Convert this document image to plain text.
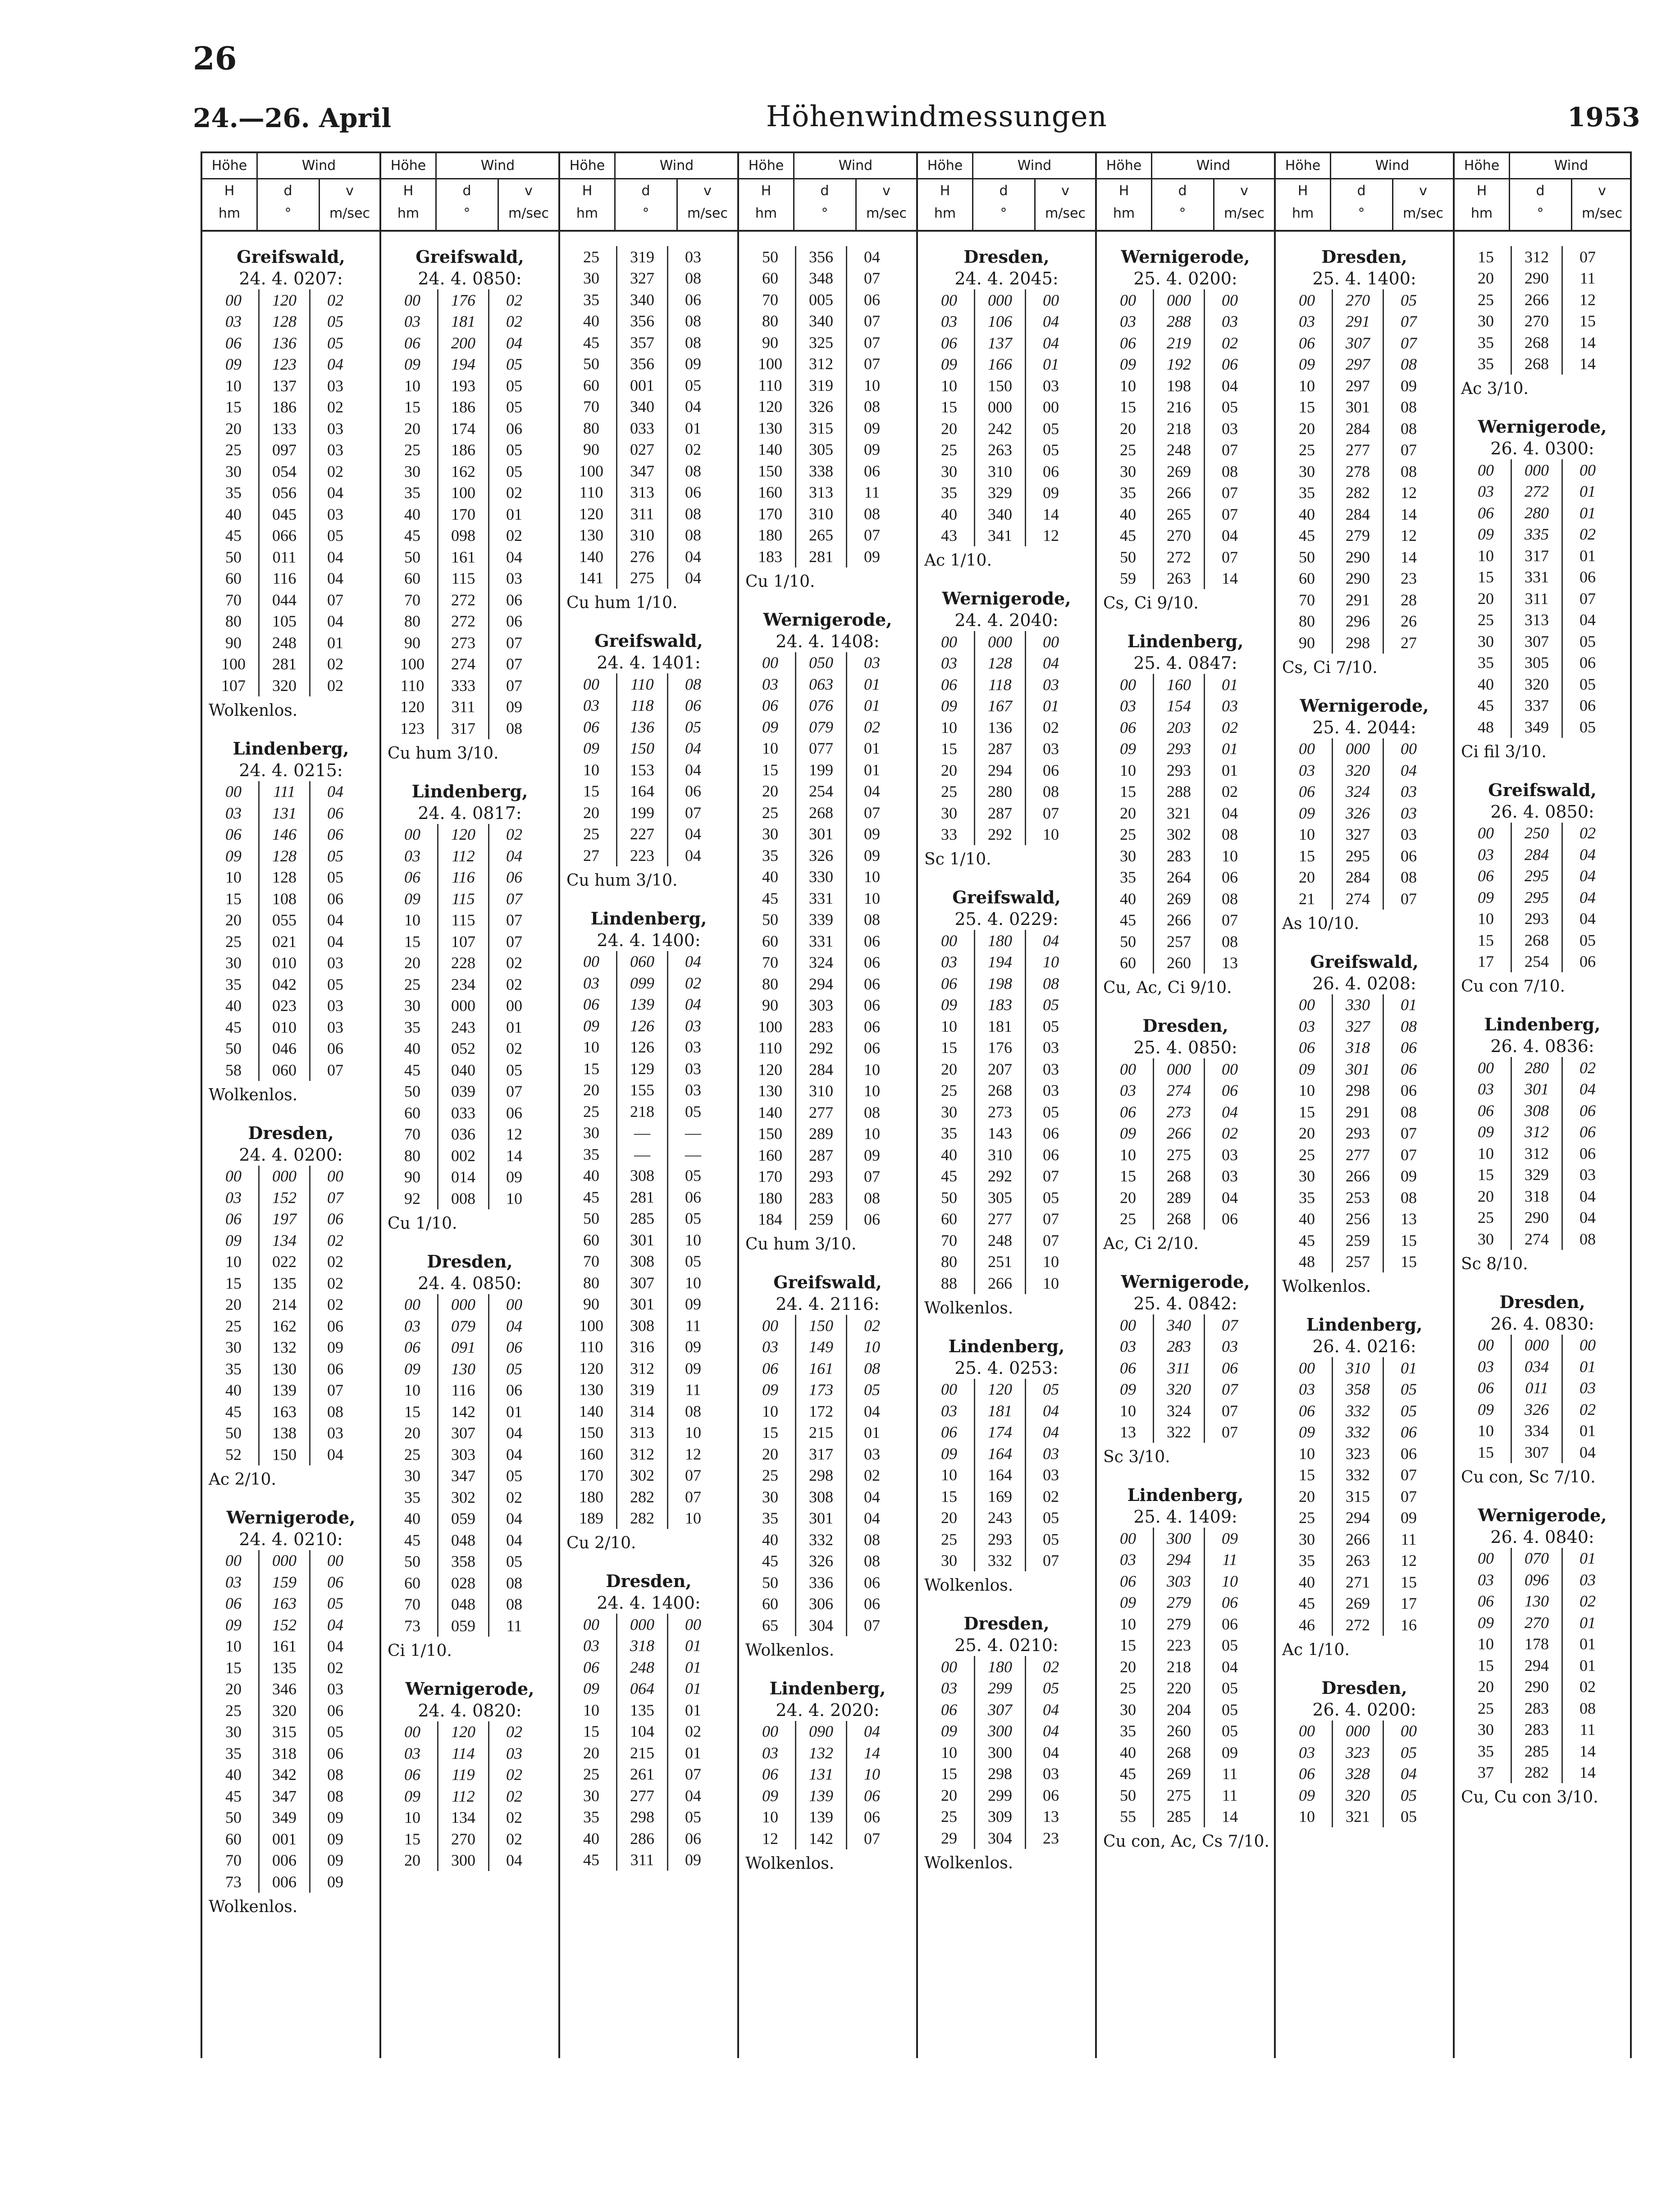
26
24.—26. April	Höhenwindmessungen	1953
Höhe	Wind
H
hm
d
°
v
m/sec
Greifswald,
24. 4. 0207:
00	120	02
03	128	05
06	136	05
09	123	04
10	137	03
15	186	02
20	133	03
25	097	03
30	054	02
35	056	04
40	045	03
45	066	05
50	011	04
60	116	04
70	044	07
80	105	04
90	248	01
100	281	02
107	320	02
Wolkenlos.
Lindenberg,
24. 4. 0215:
00	111	04
03	131	06
06	146	06
09	128	05
10	128	05
15	108	06
20	055	04
25	021	04
30	010	03
35	042	05
40	023	03
45	010	03
50	046	06
58	060	07
Wolkenlos.
Dresden,
24. 4. 0200:
00	000	00
03	152	07
06	197	06
09	134	02
10	022	02
15	135	02
20	214	02
25	162	06
30	132	09
35	130	06
40	139	07
45	163	08
50	138	03
52	150	04
Ac 2/10.
Wernigerode,
24. 4. 0210:
00	000	00
03	159	06
06	163	05
09	152	04
10	161	04
15	135	02
20	346	03
25	320	06
30	315	05
35	318	06
40	342	08
45	347	08
50	349	09
60	001	09
70	006	09
73	006	09
Wolkenlos.
Höhe	Wind
H
hm
d
°
v
m/sec
Greifswald,
24. 4. 0850:
00	176	02
03	181	02
06	200	04
09	194	05
10	193	05
15	186	05
20	174	06
25	186	05
30	162	05
35	100	02
40	170	01
45	098	02
50	161	04
60	115	03
70	272	06
80	272	06
90	273	07
100	274	07
110	333	07
120	311	09
123	317	08
Cu hum 3/10.
Lindenberg,
24. 4. 0817:
00	120	02
03	112	04
06	116	06
09	115	07
10	115	07
15	107	07
20	228	02
25	234	02
30	000	00
35	243	01
40	052	02
45	040	05
50	039	07
60	033	06
70	036	12
80	002	14
90	014	09
92	008	10
Cu 1/10.
Dresden,
24. 4. 0850:
00	000	00
03	079	04
06	091	06
09	130	05
10	116	06
15	142	01
20	307	04
25	303	04
30	347	05
35	302	02
40	059	04
45	048	04
50	358	05
60	028	08
70	048	08
73	059	11
Ci 1/10.
Wernigerode,
24. 4. 0820:
00	120	02
03	114	03
06	119	02
09	112	02
10	134	02
15	270	02
20	300	04
Höhe	Wind
H
hm
d
°
v
m/sec
25	319	03
30	327	08
35	340	06
40	356	08
45	357	08
50	356	09
60	001	05
70	340	04
80	033	01
90	027	02
100	347	08
110	313	06
120	311	08
130	310	08
140	276	04
141	275	04
Cu hum 1/10.
Greifswald,
24. 4. 1401:
00	110	08
03	118	06
06	136	05
09	150	04
10	153	04
15	164	06
20	199	07
25	227	04
27	223	04
Cu hum 3/10.
Lindenberg,
24. 4. 1400:
00	060	04
03	099	02
06	139	04
09	126	03
10	126	03
15	129	03
20	155	03
25	218	05
30	—	—
35	—	—
40	308	05
45	281	06
50	285	05
60	301	10
70	308	05
80	307	10
90	301	09
100	308	11
110	316	09
120	312	09
130	319	11
140	314	08
150	313	10
160	312	12
170	302	07
180	282	07
189	282	10
Cu 2/10.
Dresden,
24. 4. 1400:
00	000	00
03	318	01
06	248	01
09	064	01
10	135	01
15	104	02
20	215	01
25	261	07
30	277	04
35	298	05
40	286	06
45	311	09
Höhe	Wind
H
hm
d
°
v
m/sec
50	356	04
60	348	07
70	005	06
80	340	07
90	325	07
100	312	07
110	319	10
120	326	08
130	315	09
140	305	09
150	338	06
160	313	11
170	310	08
180	265	07
183	281	09
Cu 1/10.
Wernigerode,
24. 4. 1408:
00	050	03
03	063	01
06	076	01
09	079	02
10	077	01
15	199	01
20	254	04
25	268	07
30	301	09
35	326	09
40	330	10
45	331	10
50	339	08
60	331	06
70	324	06
80	294	06
90	303	06
100	283	06
110	292	06
120	284	10
130	310	10
140	277	08
150	289	10
160	287	09
170	293	07
180	283	08
184	259	06
Cu hum 3/10.
Greifswald,
24. 4. 2116:
00	150	02
03	149	10
06	161	08
09	173	05
10	172	04
15	215	01
20	317	03
25	298	02
30	308	04
35	301	04
40	332	08
45	326	08
50	336	06
60	306	06
65	304	07
Wolkenlos.
Lindenberg,
24. 4. 2020:
00	090	04
03	132	14
06	131	10
09	139	06
10	139	06
12	142	07
Wolkenlos.
Höhe	Wind
H
hm
d
°
v
m/sec
Dresden,
24. 4. 2045:
00	000	00
03	106	04
06	137	04
09	166	01
10	150	03
15	000	00
20	242	05
25	263	05
30	310	06
35	329	09
40	340	14
43	341	12
Ac 1/10.
Wernigerode,
24. 4. 2040:
00	000	00
03	128	04
06	118	03
09	167	01
10	136	02
15	287	03
20	294	06
25	280	08
30	287	07
33	292	10
Sc 1/10.
Greifswald,
25. 4. 0229:
00	180	04
03	194	10
06	198	08
09	183	05
10	181	05
15	176	03
20	207	03
25	268	03
30	273	05
35	143	06
40	310	06
45	292	07
50	305	05
60	277	07
70	248	07
80	251	10
88	266	10
Wolkenlos.
Lindenberg,
25. 4. 0253:
00	120	05
03	181	04
06	174	04
09	164	03
10	164	03
15	169	02
20	243	05
25	293	05
30	332	07
Wolkenlos.
Dresden,
25. 4. 0210:
00	180	02
03	299	05
06	307	04
09	300	04
10	300	04
15	298	03
20	299	06
25	309	13
29	304	23
Wolkenlos.
Höhe	Wind
H
hm
d
°
v
m/sec
Wernigerode,
25. 4. 0200:
00	000	00
03	288	03
06	219	02
09	192	06
10	198	04
15	216	05
20	218	03
25	248	07
30	269	08
35	266	07
40	265	07
45	270	04
50	272	07
59	263	14
Cs, Ci 9/10.
Lindenberg,
25. 4. 0847:
00	160	01
03	154	03
06	203	02
09	293	01
10	293	01
15	288	02
20	321	04
25	302	08
30	283	10
35	264	06
40	269	08
45	266	07
50	257	08
60	260	13
Cu, Ac, Ci 9/10.
Dresden,
25. 4. 0850:
00	000	00
03	274	06
06	273	04
09	266	02
10	275	03
15	268	03
20	289	04
25	268	06
Ac, Ci 2/10.
Wernigerode,
25. 4. 0842:
00	340	07
03	283	03
06	311	06
09	320	07
10	324	07
13	322	07
Sc 3/10.
Lindenberg,
25. 4. 1409:
00	300	09
03	294	11
06	303	10
09	279	06
10	279	06
15	223	05
20	218	04
25	220	05
30	204	05
35	260	05
40	268	09
45	269	11
50	275	11
55	285	14
Cu con, Ac, Cs 7/10.
Höhe	Wind
H
hm
d
°
v
m/sec
Dresden,
25. 4. 1400:
00	270	05
03	291	07
06	307	07
09	297	08
10	297	09
15	301	08
20	284	08
25	277	07
30	278	08
35	282	12
40	284	14
45	279	12
50	290	14
60	290	23
70	291	28
80	296	26
90	298	27
Cs, Ci 7/10.
Wernigerode,
25. 4. 2044:
00	000	00
03	320	04
06	324	03
09	326	03
10	327	03
15	295	06
20	284	08
21	274	07
As 10/10.
Greifswald,
26. 4. 0208:
00	330	01
03	327	08
06	318	06
09	301	06
10	298	06
15	291	08
20	293	07
25	277	07
30	266	09
35	253	08
40	256	13
45	259	15
48	257	15
Wolkenlos.
Lindenberg,
26. 4. 0216:
00	310	01
03	358	05
06	332	05
09	332	06
10	323	06
15	332	07
20	315	07
25	294	09
30	266	11
35	263	12
40	271	15
45	269	17
46	272	16
Ac 1/10.
Dresden,
26. 4. 0200:
00	000	00
03	323	05
06	328	04
09	320	05
10	321	05
Höhe	Wind
H
hm
d
°
v
m/sec
15	312	07
20	290	11
25	266	12
30	270	15
35	268	14
35	268	14
Ac 3/10.
Wernigerode,
26. 4. 0300:
00	000	00
03	272	01
06	280	01
09	335	02
10	317	01
15	331	06
20	311	07
25	313	04
30	307	05
35	305	06
40	320	05
45	337	06
48	349	05
Ci fil 3/10.
Greifswald,
26. 4. 0850:
00	250	02
03	284	04
06	295	04
09	295	04
10	293	04
15	268	05
17	254	06
Cu con 7/10.
Lindenberg,
26. 4. 0836:
00	280	02
03	301	04
06	308	06
09	312	06
10	312	06
15	329	03
20	318	04
25	290	04
30	274	08
Sc 8/10.
Dresden,
26. 4. 0830:
00	000	00
03	034	01
06	011	03
09	326	02
10	334	01
15	307	04
Cu con, Sc 7/10.
Wernigerode,
26. 4. 0840:
00	070	01
03	096	03
06	130	02
09	270	01
10	178	01
15	294	01
20	290	02
25	283	08
30	283	11
35	285	14
37	282	14
Cu, Cu con 3/10.
